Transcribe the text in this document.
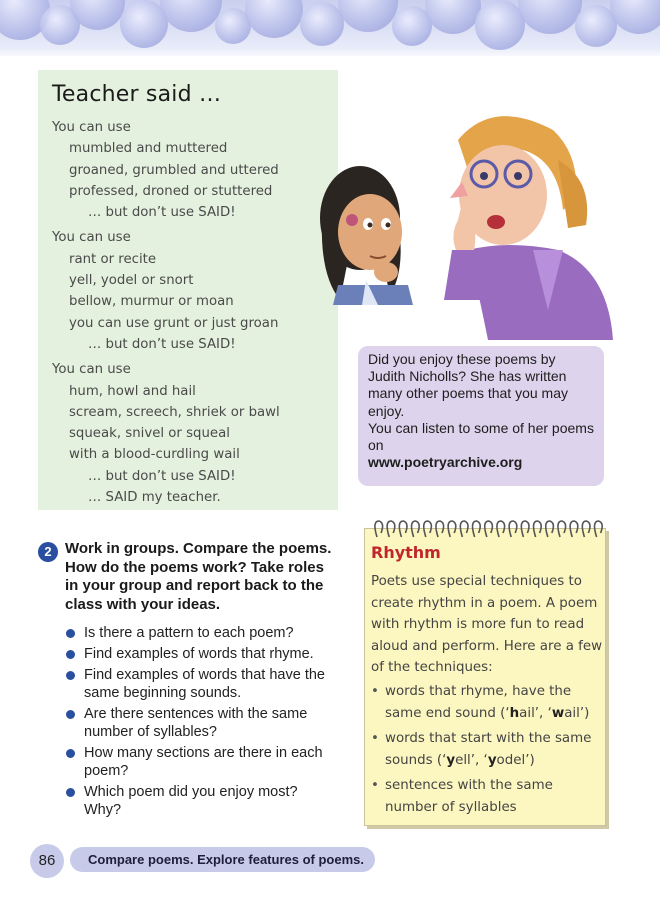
Teacher said …
You can use
mumbled and muttered
groaned, grumbled and uttered
professed, droned or stuttered
… but don’t use SAID!
You can use
rant or recite
yell, yodel or snort
bellow, murmur or moan
you can use grunt or just groan
… but don’t use SAID!
You can use
hum, howl and hail
scream, screech, shriek or bawl
squeak, snivel or squeal
with a blood-curdling wail
… but don’t use SAID!
… SAID my teacher.
Did you enjoy these poems by Judith Nicholls? She has written many other poems that you may enjoy.
You can listen to some of her poems on
www.poetryarchive.org
2 Work in groups. Compare the poems. How do the poems work? Take roles in your group and report back to the class with your ideas.
Is there a pattern to each poem?
Find examples of words that rhyme.
Find examples of words that have the same beginning sounds.
Are there sentences with the same number of syllables?
How many sections are there in each poem?
Which poem did you enjoy most? Why?
Rhythm
Poets use special techniques to create rhythm in a poem. A poem with rhythm is more fun to read aloud and perform. Here are a few of the techniques:
• words that rhyme, have the same end sound (‘hail’, ‘wail’)
• words that start with the same sounds (‘yell’, ‘yodel’)
• sentences with the same number of syllables
86	Compare poems. Explore features of poems.
